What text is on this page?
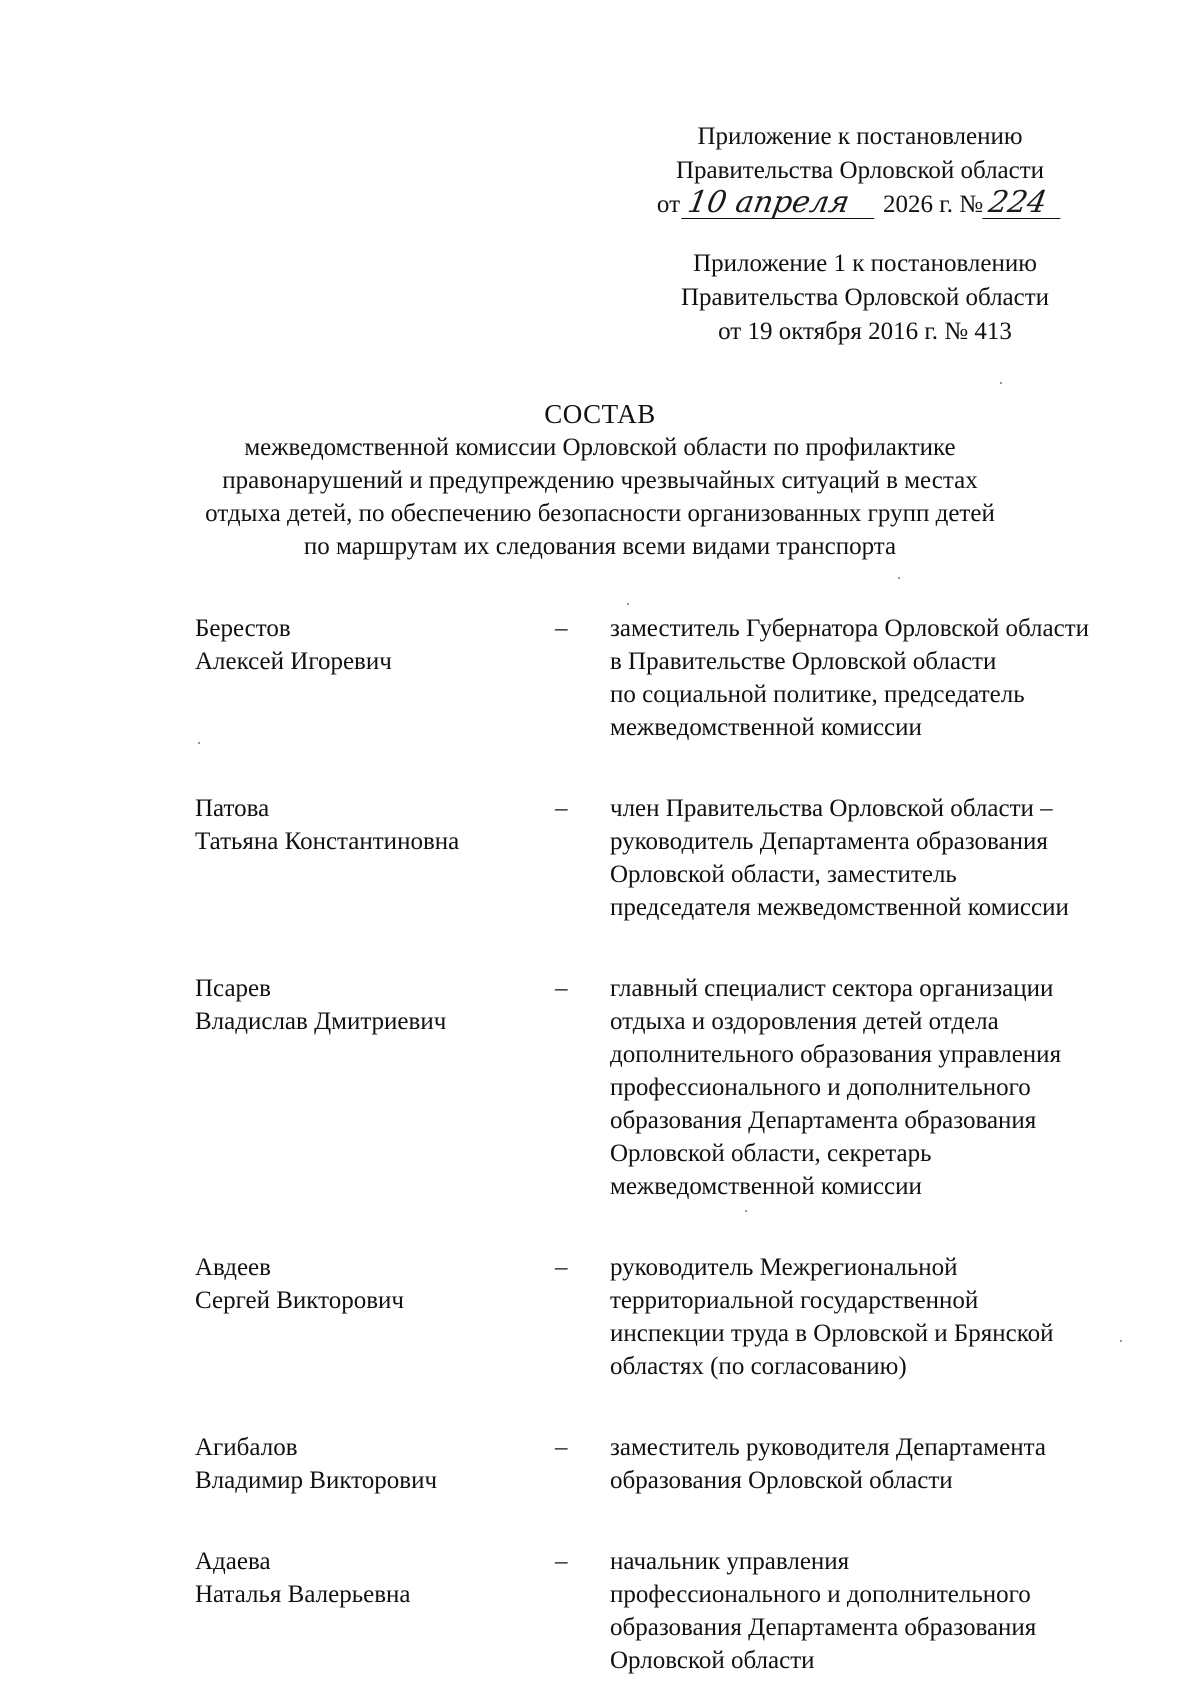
Приложение к постановлению
Правительства Орловской области
от 10 апреля	2026 г. № 224
Приложение 1 к постановлению
Правительства Орловской области
от 19 октября 2016 г. № 413
СОСТАВ
межведомственной комиссии Орловской области по профилактике
правонарушений и предупреждению чрезвычайных ситуаций в местах
отдыха детей, по обеспечению безопасности организованных групп детей
по маршрутам их следования всеми видами транспорта
Берестов
Алексей Игоревич
–	заместитель Губернатора Орловской области
в Правительстве Орловской области
по социальной политике, председатель
межведомственной комиссии
Патова
Татьяна Константиновна
–	член Правительства Орловской области –
руководитель Департамента образования
Орловской области, заместитель
председателя межведомственной комиссии
Псарев
Владислав Дмитриевич
–	главный специалист сектора организации
отдыха и оздоровления детей отдела
дополнительного образования управления
профессионального и дополнительного
образования Департамента образования
Орловской области, секретарь
межведомственной комиссии
Авдеев
Сергей Викторович
–	руководитель Межрегиональной
территориальной государственной
инспекции труда в Орловской и Брянской
областях (по согласованию)
Агибалов
Владимир Викторович
–	заместитель руководителя Департамента
образования Орловской области
Адаева
Наталья Валерьевна
–	начальник управления
профессионального и дополнительного
образования Департамента образования
Орловской области
